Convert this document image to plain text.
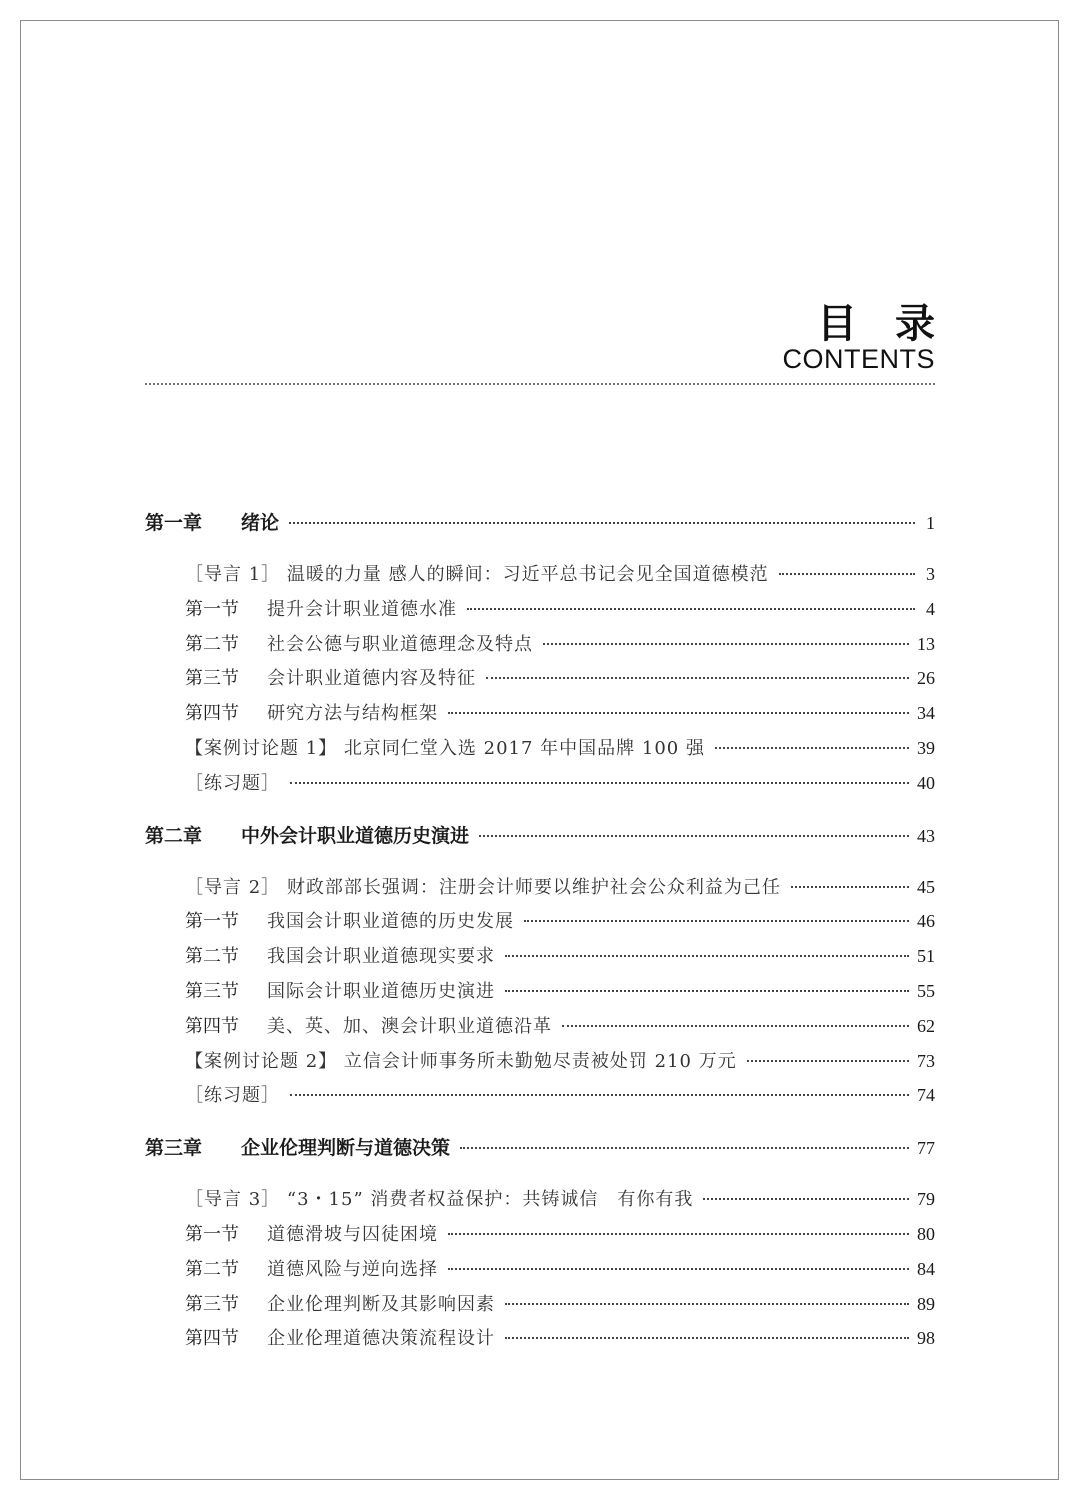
目录
CONTENTS
第一章	绪论	1
［导言 1］ 温暖的力量 感人的瞬间：习近平总书记会见全国道德模范	3
第一节	提升会计职业道德水准	4
第二节	社会公德与职业道德理念及特点	13
第三节	会计职业道德内容及特征	26
第四节	研究方法与结构框架	34
【案例讨论题 1】 北京同仁堂入选 2017 年中国品牌 100 强	39
［练习题］	40
第二章	中外会计职业道德历史演进	43
［导言 2］ 财政部部长强调：注册会计师要以维护社会公众利益为己任	45
第一节	我国会计职业道德的历史发展	46
第二节	我国会计职业道德现实要求	51
第三节	国际会计职业道德历史演进	55
第四节	美、英、加、澳会计职业道德沿革	62
【案例讨论题 2】 立信会计师事务所未勤勉尽责被处罚 210 万元	73
［练习题］	74
第三章	企业伦理判断与道德决策	77
［导言 3］ “3・15” 消费者权益保护：共铸诚信　有你有我	79
第一节	道德滑坡与囚徒困境	80
第二节	道德风险与逆向选择	84
第三节	企业伦理判断及其影响因素	89
第四节	企业伦理道德决策流程设计	98
